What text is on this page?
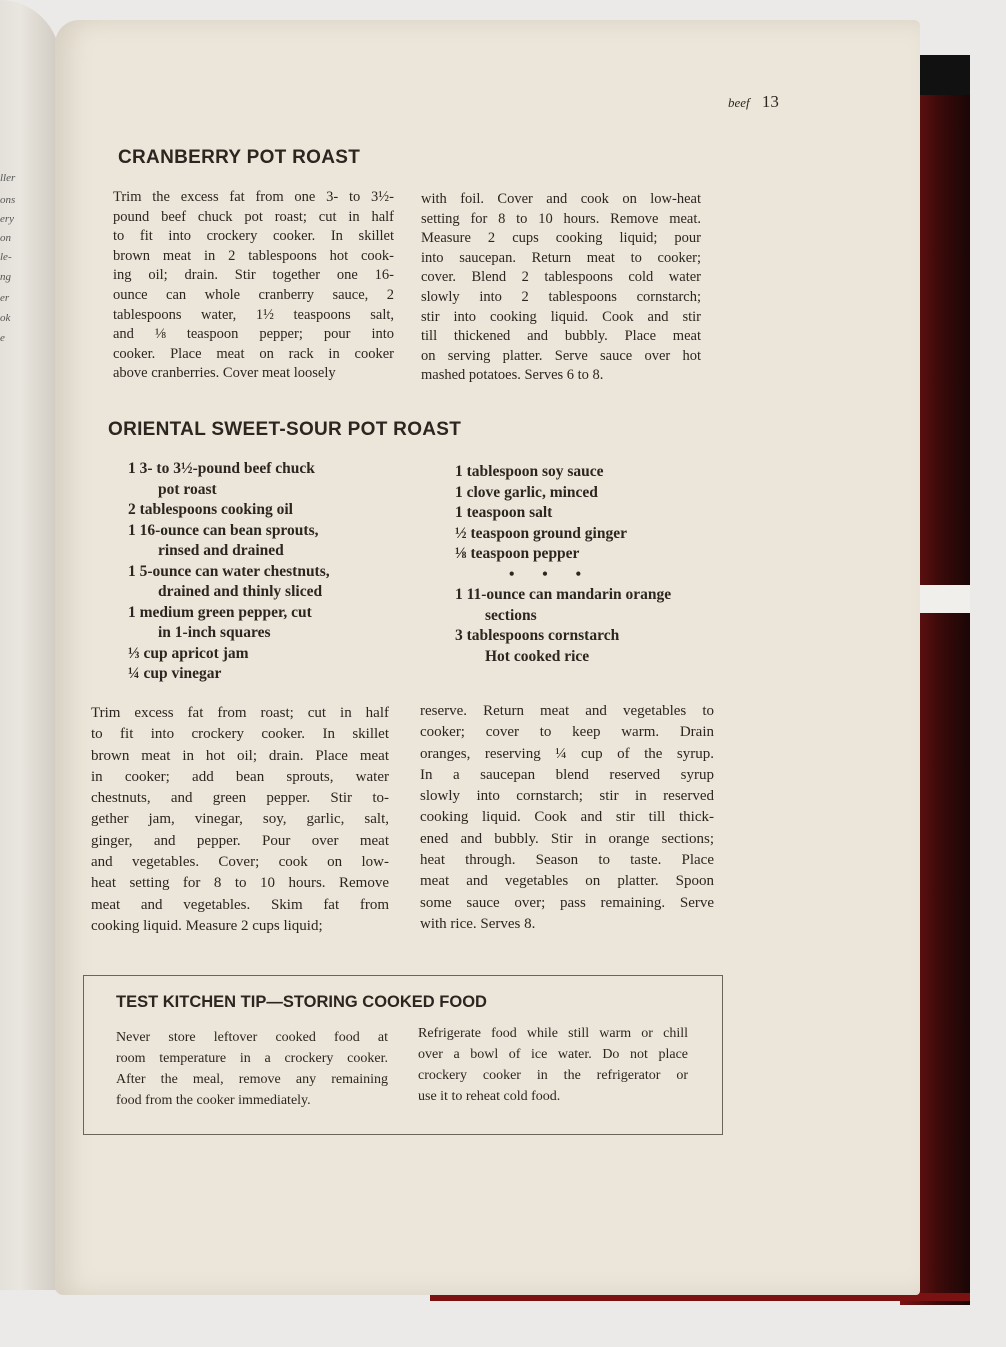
ller
ons
ery
on
le-
ng
er
ok
e
beef 13
CRANBERRY POT ROAST

Trim the excess fat from one 3- to 3½-
pound beef chuck pot roast; cut in half
to fit into crockery cooker. In skillet
brown meat in 2 tablespoons hot cook-
ing oil; drain. Stir together one 16-
ounce can whole cranberry sauce, 2
tablespoons water, 1½ teaspoons salt,
and ⅛ teaspoon pepper; pour into
cooker. Place meat on rack in cooker
above cranberries. Cover meat loosely

with foil. Cover and cook on low-heat
setting for 8 to 10 hours. Remove meat.
Measure 2 cups cooking liquid; pour
into saucepan. Return meat to cooker;
cover. Blend 2 tablespoons cold water
slowly into 2 tablespoons cornstarch;
stir into cooking liquid. Cook and stir
till thickened and bubbly. Place meat
on serving platter. Serve sauce over hot
mashed potatoes. Serves 6 to 8.

ORIENTAL SWEET-SOUR POT ROAST
1 3- to 3½-pound beef chuck
pot roast
2 tablespoons cooking oil
1 16-ounce can bean sprouts,
rinsed and drained
1 5-ounce can water chestnuts,
drained and thinly sliced
1 medium green pepper, cut
in 1-inch squares
⅓ cup apricot jam
¼ cup vinegar
1 tablespoon soy sauce
1 clove garlic, minced
1 teaspoon salt
½ teaspoon ground ginger
⅛ teaspoon pepper
• • •
1 11-ounce can mandarin orange
sections
3 tablespoons cornstarch
Hot cooked rice

Trim excess fat from roast; cut in half
to fit into crockery cooker. In skillet
brown meat in hot oil; drain. Place meat
in cooker; add bean sprouts, water
chestnuts, and green pepper. Stir to-
gether jam, vinegar, soy, garlic, salt,
ginger, and pepper. Pour over meat
and vegetables. Cover; cook on low-
heat setting for 8 to 10 hours. Remove
meat and vegetables. Skim fat from
cooking liquid. Measure 2 cups liquid;

reserve. Return meat and vegetables to
cooker; cover to keep warm. Drain
oranges, reserving ¼ cup of the syrup.
In a saucepan blend reserved syrup
slowly into cornstarch; stir in reserved
cooking liquid. Cook and stir till thick-
ened and bubbly. Stir in orange sections;
heat through. Season to taste. Place
meat and vegetables on platter. Spoon
some sauce over; pass remaining. Serve
with rice. Serves 8.

TEST KITCHEN TIP—STORING COOKED FOOD

Never store leftover cooked food at
room temperature in a crockery cooker.
After the meal, remove any remaining
food from the cooker immediately.

Refrigerate food while still warm or chill
over a bowl of ice water. Do not place
crockery cooker in the refrigerator or
use it to reheat cold food.
